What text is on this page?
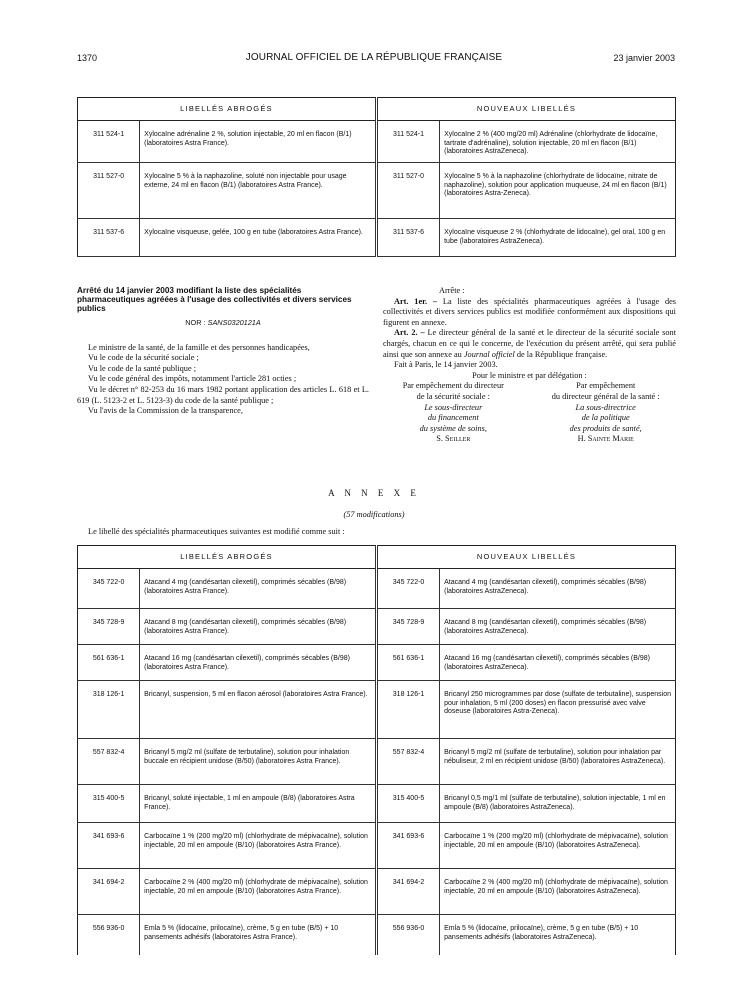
1370	JOURNAL OFFICIEL DE LA RÉPUBLIQUE FRANÇAISE	23 janvier 2003
LIBELLÉS ABROGÉS		NOUVEAUX LIBELLÉS	
311 524-1	Xylocaïne adrénaline 2 %, solution injectable, 20 ml en flacon (B/1) (laboratoires Astra France).	311 524-1	Xylocaïne 2 % (400 mg/20 ml) Adrénaline (chlorhydrate de lidocaïne, tartrate d'adrénaline), solution injectable, 20 ml en flacon (B/1) (laboratoires AstraZeneca).
311 527-0	Xylocaïne 5 % à la naphazoline, soluté non injectable pour usage externe, 24 ml en flacon (B/1) (laboratoires Astra France).	311 527-0	Xylocaïne 5 % à la naphazoline (chlorhydrate de lidocaïne, nitrate de naphazoline), solution pour application muqueuse, 24 ml en flacon (B/1) (laboratoires Astra-Zeneca).
311 537-6	Xylocaïne visqueuse, gelée, 100 g en tube (laboratoires Astra France).	311 537-6	Xylocaïne visqueuse 2 % (chlorhydrate de lidocaïne), gel oral, 100 g en tube (laboratoires AstraZeneca).

Arrêté du 14 janvier 2003 modifiant la liste des spécialités pharmaceutiques agréées à l'usage des collectivités et divers services publics

NOR : SANS0320121A

Le ministre de la santé, de la famille et des personnes handicapées,

Vu le code de la sécurité sociale ;

Vu le code de la santé publique ;

Vu le code général des impôts, notamment l'article 281 octies ;

Vu le décret n° 82-253 du 16 mars 1982 portant application des articles L. 618 et L. 619 (L. 5123-2 et L. 5123-3) du code de la santé publique ;

Vu l'avis de la Commission de la transparence,

Arrête :

Art. 1er. – La liste des spécialités pharmaceutiques agréées à l'usage des collectivités et divers services publics est modifiée conformément aux dispositions qui figurent en annexe.

Art. 2. – Le directeur général de la santé et le directeur de la sécurité sociale sont chargés, chacun en ce qui le concerne, de l'exécution du présent arrêté, qui sera publié ainsi que son annexe au Journal officiel de la République française.

Fait à Paris, le 14 janvier 2003.

Pour le ministre et par délégation :

Par empêchement du directeur
de la sécurité sociale :
Le sous-directeur
du financement
du système de soins,
S. Seiller
Par empêchement
du directeur général de la santé :
La sous-directrice
de la politique
des produits de santé,
H. Sainte Marie
A N N E X E
(57 modifications)
Le libellé des spécialités pharmaceutiques suivantes est modifié comme suit :
LIBELLÉS ABROGÉS		NOUVEAUX LIBELLÉS	
345 722-0	Atacand 4 mg (candésartan cilexetil), comprimés sécables (B/98) (laboratoires Astra France).	345 722-0	Atacand 4 mg (candésartan cilexetil), comprimés sécables (B/98) (laboratoires AstraZeneca).
345 728-9	Atacand 8 mg (candésartan cilexetil), comprimés sécables (B/98) (laboratoires Astra France).	345 728-9	Atacand 8 mg (candésartan cilexetil), comprimés sécables (B/98) (laboratoires AstraZeneca).
561 636-1	Atacand 16 mg (candésartan cilexetil), comprimés sécables (B/98) (laboratoires Astra France).	561 636-1	Atacand 16 mg (candésartan cilexetil), comprimés sécables (B/98) (laboratoires AstraZeneca).
318 126-1	Bricanyl, suspension, 5 ml en flacon aérosol (laboratoires Astra France).	318 126-1	Bricanyl 250 microgrammes par dose (sulfate de terbutaline), suspension pour inhalation, 5 ml (200 doses) en flacon pressurisé avec valve doseuse (laboratoires Astra-Zeneca).
557 832-4	Bricanyl 5 mg/2 ml (sulfate de terbutaline), solution pour inhalation buccale en récipient unidose (B/50) (laboratoires Astra France).	557 832-4	Bricanyl 5 mg/2 ml (sulfate de terbutaline), solution pour inhalation par nébuliseur, 2 ml en récipient unidose (B/50) (laboratoires AstraZeneca).
315 400-5	Bricanyl, soluté injectable, 1 ml en ampoule (B/8) (laboratoires Astra France).	315 400-5	Bricanyl 0,5 mg/1 ml (sulfate de terbutaline), solution injectable, 1 ml en ampoule (B/8) (laboratoires AstraZeneca).
341 693-6	Carbocaïne 1 % (200 mg/20 ml) (chlorhydrate de mépivacaïne), solution injectable, 20 ml en ampoule (B/10) (laboratoires Astra France).	341 693-6	Carbocaïne 1 % (200 mg/20 ml) (chlorhydrate de mépivacaïne), solution injectable, 20 ml en ampoule (B/10) (laboratoires AstraZeneca).
341 694-2	Carbocaïne 2 % (400 mg/20 ml) (chlorhydrate de mépivacaïne), solution injectable, 20 ml en ampoule (B/10) (laboratoires Astra France).	341 694-2	Carbocaïne 2 % (400 mg/20 ml) (chlorhydrate de mépivacaïne), solution injectable, 20 ml en ampoule (B/10) (laboratoires AstraZeneca).
556 936-0	Emla 5 % (lidocaïne, prilocaïne), crème, 5 g en tube (B/5) + 10 pansements adhésifs (laboratoires Astra France).	556 936-0	Emla 5 % (lidocaïne, prilocaïne), crème, 5 g en tube (B/5) + 10 pansements adhésifs (laboratoires AstraZeneca).
